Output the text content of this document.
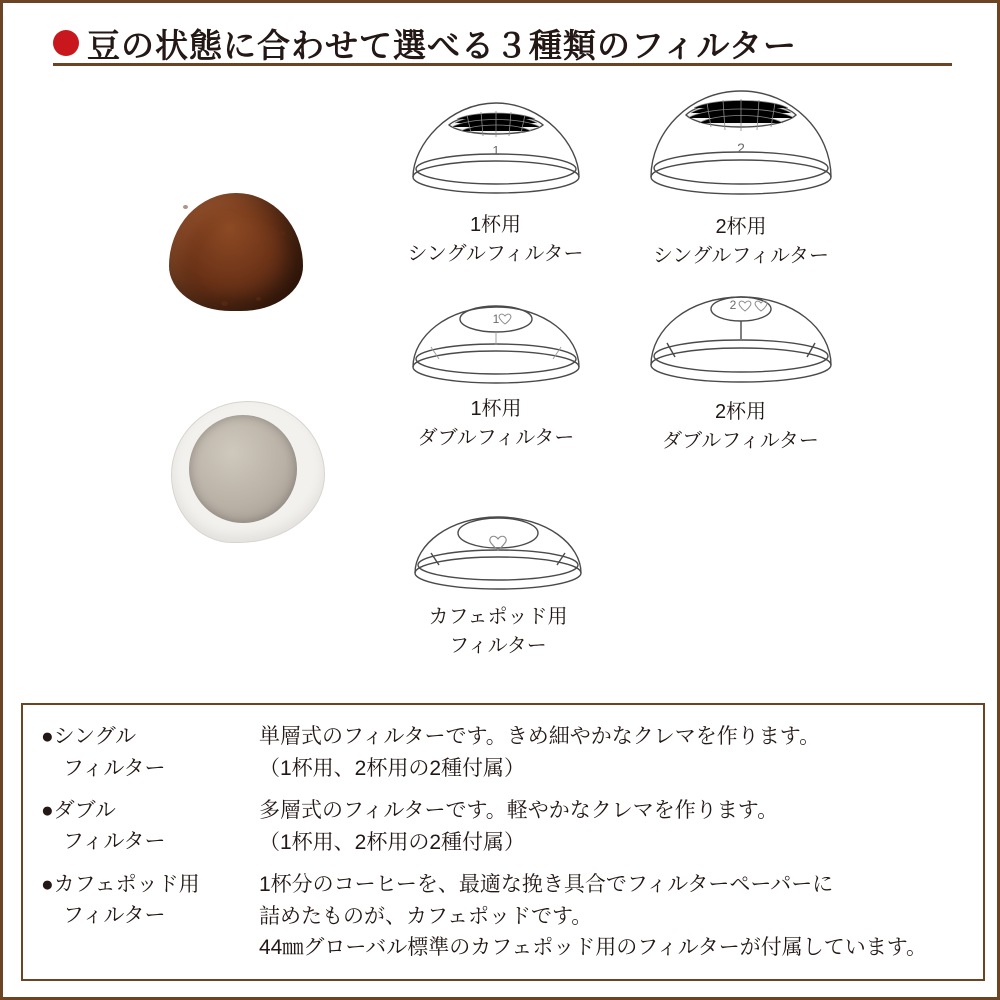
豆の状態に合わせて選べる３種類のフィルター
1
1杯用
シングルフィルター
2
2杯用
シングルフィルター
1
1杯用
ダブルフィルター
2
2杯用
ダブルフィルター
カフェポッド用
フィルター
●シングル
フィルター
単層式のフィルターです。きめ細やかなクレマを作ります。
（1杯用、2杯用の2種付属）
●ダブル
フィルター
多層式のフィルターです。軽やかなクレマを作ります。
（1杯用、2杯用の2種付属）
●カフェポッド用
フィルター
1杯分のコーヒーを、最適な挽き具合でフィルターペーパーに
詰めたものが、カフェポッドです。
44㎜グローバル標準のカフェポッド用のフィルターが付属しています。
